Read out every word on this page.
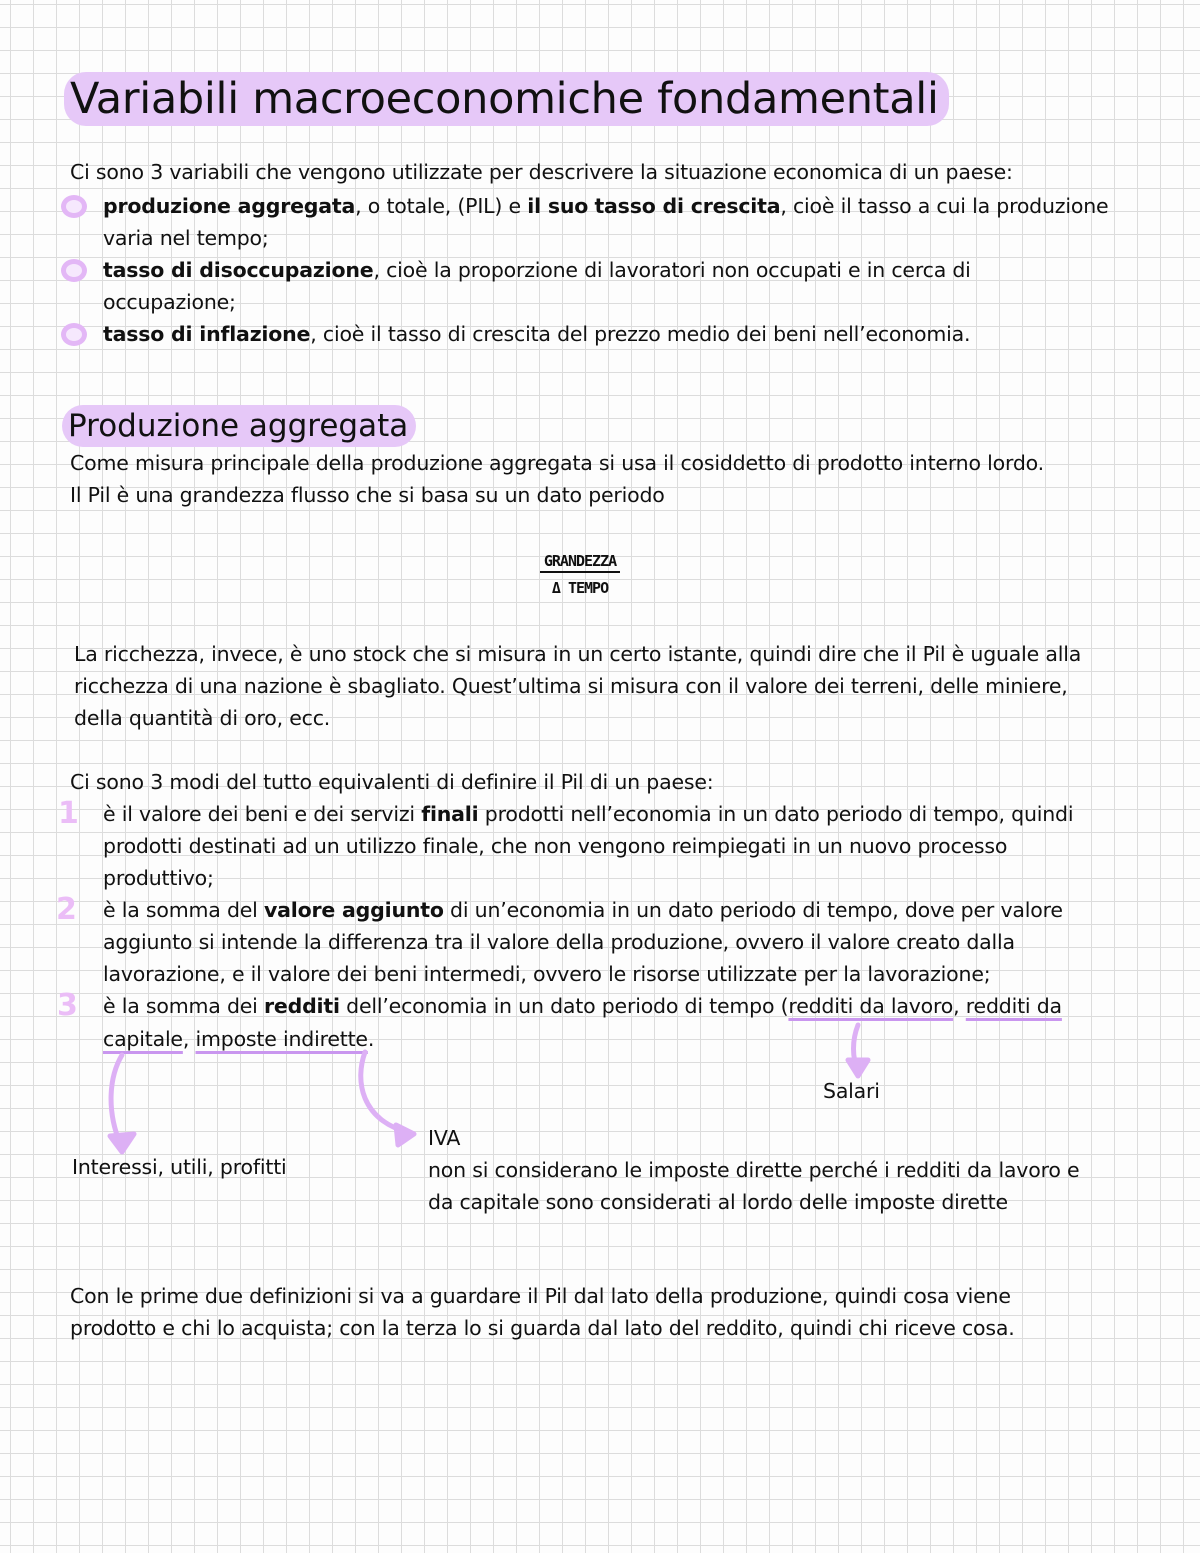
Variabili macroeconomiche fondamentali
Ci sono 3 variabili che vengono utilizzate per descrivere la situazione economica di un paese:
produzione aggregata, o totale, (PIL) e il suo tasso di crescita, cioè il tasso a cui la produzione
varia nel tempo;
tasso di disoccupazione, cioè la proporzione di lavoratori non occupati e in cerca di
occupazione;
tasso di inflazione, cioè il tasso di crescita del prezzo medio dei beni nell’economia.
Produzione aggregata
Come misura principale della produzione aggregata si usa il cosiddetto di prodotto interno lordo.
Il Pil è una grandezza flusso che si basa su un dato periodo
GRANDEZZA
Δ TEMPO
La ricchezza, invece, è uno stock che si misura in un certo istante, quindi dire che il Pil è uguale alla
ricchezza di una nazione è sbagliato. Quest’ultima si misura con il valore dei terreni, delle miniere,
della quantità di oro, ecc.
Ci sono 3 modi del tutto equivalenti di definire il Pil di un paese:
1 è il valore dei beni e dei servizi finali prodotti nell’economia in un dato periodo di tempo, quindi
prodotti destinati ad un utilizzo finale, che non vengono reimpiegati in un nuovo processo
produttivo;
2 è la somma del valore aggiunto di un’economia in un dato periodo di tempo, dove per valore
aggiunto si intende la differenza tra il valore della produzione, ovvero il valore creato dalla
lavorazione, e il valore dei beni intermedi, ovvero le risorse utilizzate per la lavorazione;
3 è la somma dei redditi dell’economia in un dato periodo di tempo (redditi da lavoro, redditi da
capitale, imposte indirette.
Salari
IVA
non si considerano le imposte dirette perché i redditi da lavoro e
da capitale sono considerati al lordo delle imposte dirette
Interessi, utili, profitti
Con le prime due definizioni si va a guardare il Pil dal lato della produzione, quindi cosa viene
prodotto e chi lo acquista; con la terza lo si guarda dal lato del reddito, quindi chi riceve cosa.
